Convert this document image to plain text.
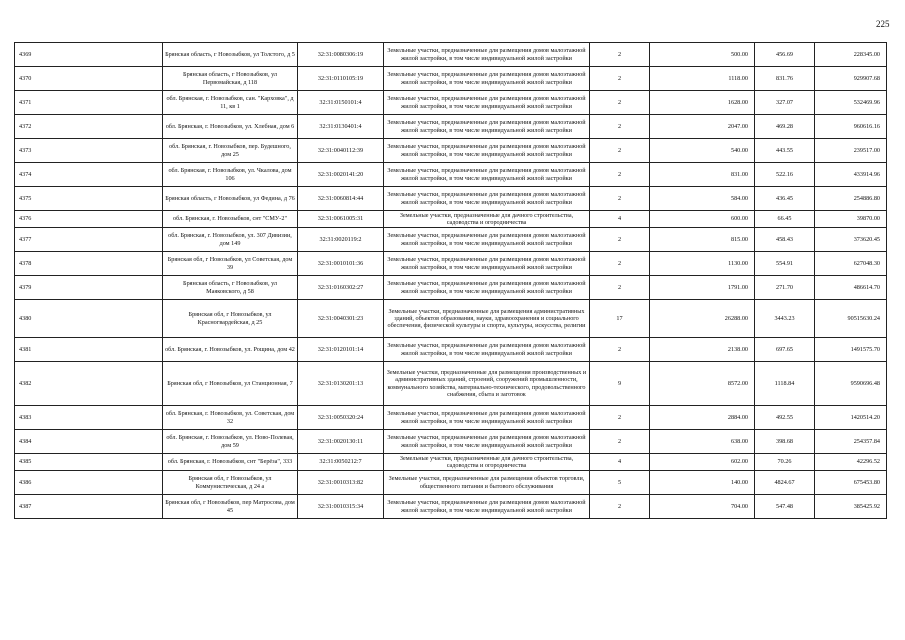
225
4369	Брянская область, г Новозыбков, ул Толстого, д 5	32:31:0080306:19	Земельные участки, предназначенные для размещения домов малоэтажной жилой застройки, в том числе индивидуальной жилой застройки	2	500.00	456.69	228345.00
4370	Брянская область, г Новозыбков, ул Первомайская, д 118	32:31:0110105:19	Земельные участки, предназначенные для размещения домов малоэтажной жилой застройки, в том числе индивидуальной жилой застройки	2	1118.00	831.76	929907.68
4371	обл. Брянская, г. Новозыбков, сан. "Карховка", д 11, кв 1	32:31:0150101:4	Земельные участки, предназначенные для размещения домов малоэтажной жилой застройки, в том числе индивидуальной жилой застройки	2	1628.00	327.07	532469.96
4372	обл. Брянская, г. Новозыбков, ул. Хлебная, дом 6	32:31:0130401:4	Земельные участки, предназначенные для размещения домов малоэтажной жилой застройки, в том числе индивидуальной жилой застройки	2	2047.00	469.28	960616.16
4373	обл. Брянская, г. Новозыбков, пер. Будешного, дом 25	32:31:0040112:39	Земельные участки, предназначенные для размещения домов малоэтажной жилой застройки, в том числе индивидуальной жилой застройки	2	540.00	443.55	239517.00
4374	обл. Брянская, г. Новозыбков, ул. Чкалова, дом 106	32:31:0020141:20	Земельные участки, предназначенные для размещения домов малоэтажной жилой застройки, в том числе индивидуальной жилой застройки	2	831.00	522.16	433914.96
4375	Брянская область, г Новозыбков, ул Федина, д 76	32:31:0060814:44	Земельные участки, предназначенные для размещения домов малоэтажной жилой застройки, в том числе индивидуальной жилой застройки	2	584.00	436.45	254886.80
4376	обл. Брянская, г. Новозыбков, снт "СМУ-2"	32:31:0061005:31	Земельные участки, предназначенные для дачного строительства, садоводства и огородничества	4	600.00	66.45	39870.00
4377	обл. Брянская, г. Новозыбков, ул. 307 Дивизии, дом 149	32:31:0020119:2	Земельные участки, предназначенные для размещения домов малоэтажной жилой застройки, в том числе индивидуальной жилой застройки	2	815.00	458.43	373620.45
4378	Брянская обл, г Новозыбков, ул Советская, дом 39	32:31:0010101:36	Земельные участки, предназначенные для размещения домов малоэтажной жилой застройки, в том числе индивидуальной жилой застройки	2	1130.00	554.91	627048.30
4379	Брянская область, г Новозыбков, ул Маяковского, д 58	32:31:0160302:27	Земельные участки, предназначенные для размещения домов малоэтажной жилой застройки, в том числе индивидуальной жилой застройки	2	1791.00	271.70	486614.70
4380	Брянская обл, г Новозыбков, ул Красногвардейская, д 25	32:31:0040301:23	Земельные участки, предназначенные для размещения административных зданий, объектов образования, науки, здравоохранения и социального обеспечения, физической культуры и спорта, культуры, искусства, религии	17	26288.00	3443.23	90515630.24
4381	обл. Брянская, г. Новозыбков, ул. Рощина, дом 42	32:31:0120101:14	Земельные участки, предназначенные для размещения домов малоэтажной жилой застройки, в том числе индивидуальной жилой застройки	2	2138.00	697.65	1491575.70
4382	Брянская обл, г Новозыбков, ул Станционная, 7	32:31:0130201:13	Земельные участки, предназначенные для размещения производственных и административных зданий, строений, сооружений промышленности, коммунального хозяйства, материально-технического, продовольственного снабжения, сбыта и заготовок	9	8572.00	1118.84	9590696.48
4383	обл. Брянская, г. Новозыбков, ул. Советская, дом 32	32:31:0050320:24	Земельные участки, предназначенные для размещения домов малоэтажной жилой застройки, в том числе индивидуальной жилой застройки	2	2884.00	492.55	1420514.20
4384	обл. Брянская, г. Новозыбков, ул. Ново-Полевая, дом 59	32:31:0020130:11	Земельные участки, предназначенные для размещения домов малоэтажной жилой застройки, в том числе индивидуальной жилой застройки	2	638.00	398.68	254357.84
4385	обл. Брянская, г. Новозыбков, снт "Берёза", 333	32:31:0050212:7	Земельные участки, предназначенные для дачного строительства, садоводства и огородничества	4	602.00	70.26	42296.52
4386	Брянская обл, г Новозыбков, ул Коммунистическая, д 24 а	32:31:0010313:82	Земельные участки, предназначенные для размещения объектов торговли, общественного питания и бытового обслуживания	5	140.00	4824.67	675453.80
4387	Брянская обл, г Новозыбков, пер Матросова, дом 45	32:31:0010315:34	Земельные участки, предназначенные для размещения домов малоэтажной жилой застройки, в том числе индивидуальной жилой застройки	2	704.00	547.48	385425.92
